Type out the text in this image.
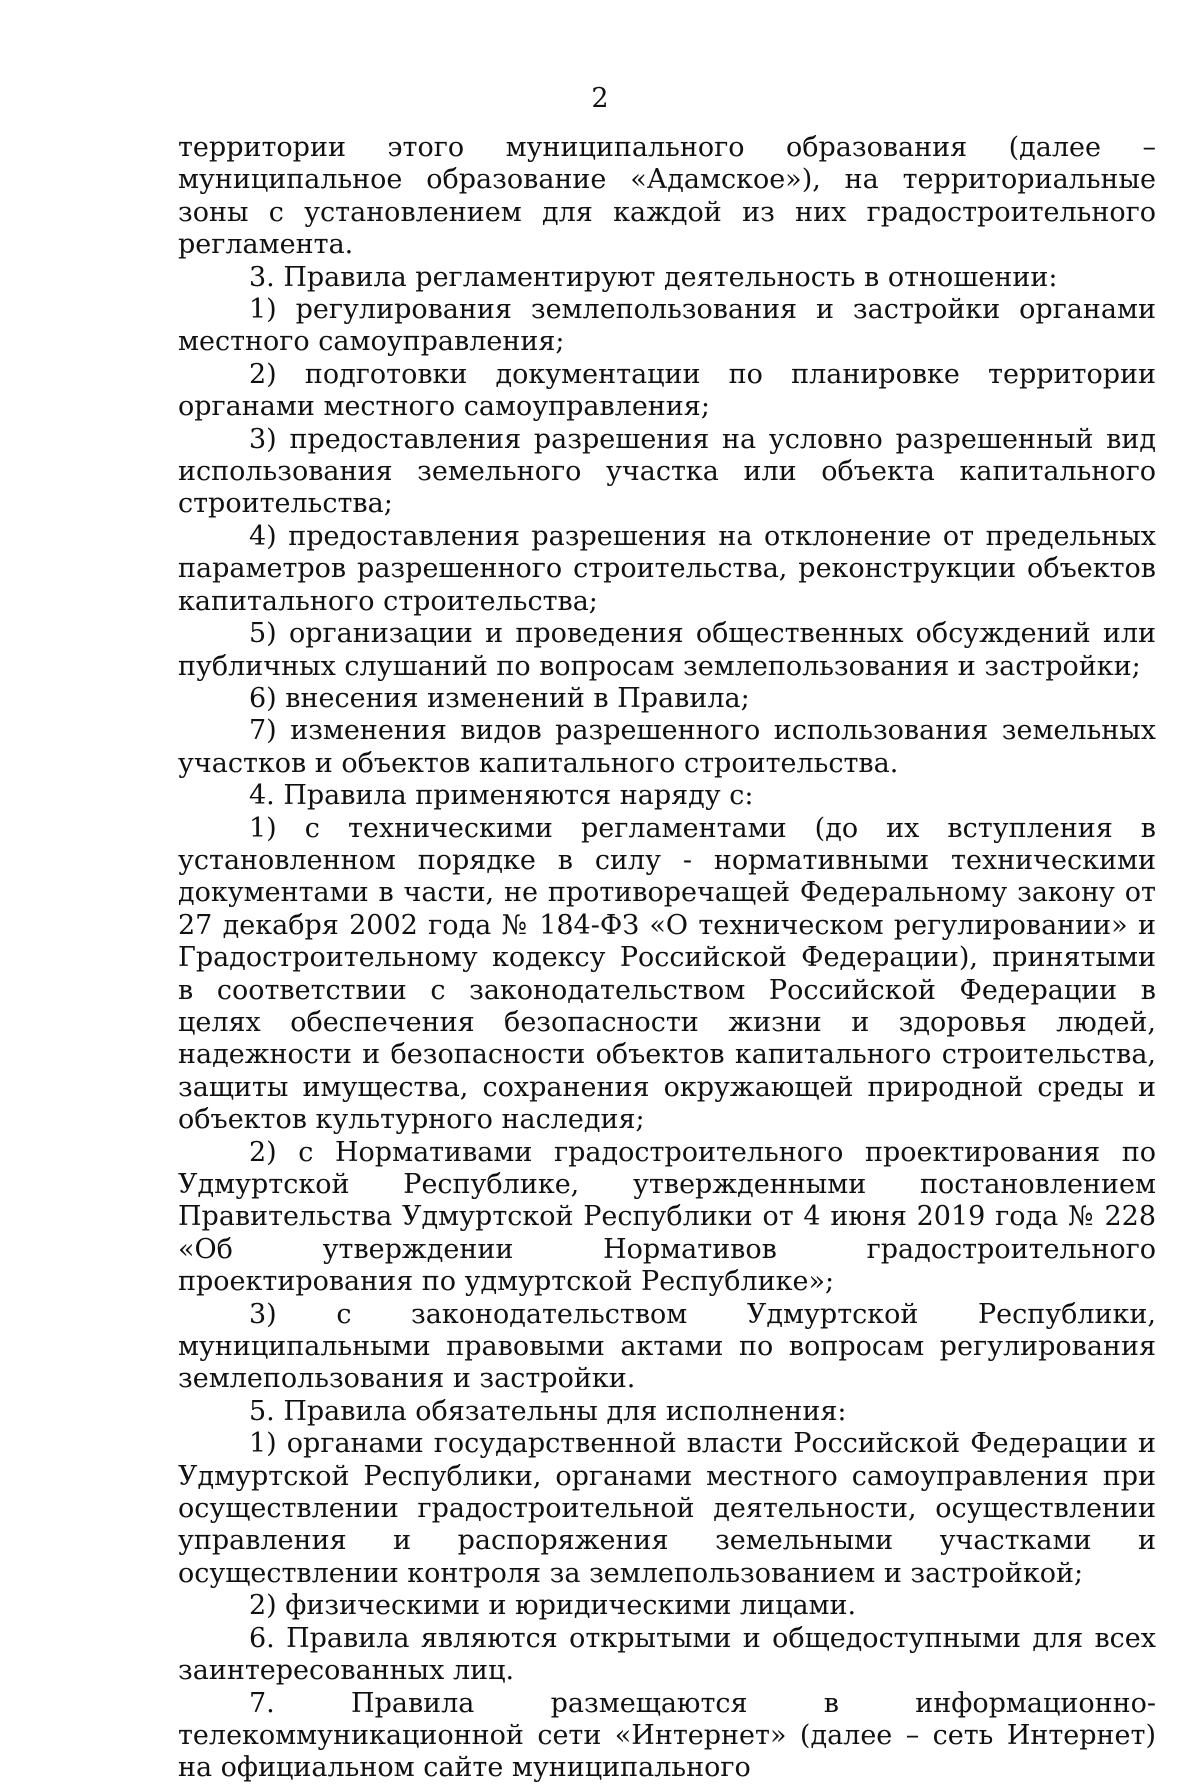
2

территории этого муниципального образования (далее – муниципальное образование «Адамское»), на территориальные зоны с установлением для каждой из них градостроительного регламента.

3. Правила регламентируют деятельность в отношении:

1) регулирования землепользования и застройки органами местного самоуправления;

2) подготовки документации по планировке территории органами местного самоуправления;

3) предоставления разрешения на условно разрешенный вид использования земельного участка или объекта капитального строительства;

4) предоставления разрешения на отклонение от предельных параметров разрешенного строительства, реконструкции объектов капитального строительства;

5) организации и проведения общественных обсуждений или публичных слушаний по вопросам землепользования и застройки;

6) внесения изменений в Правила;

7) изменения видов разрешенного использования земельных участков и объектов капитального строительства.

4. Правила применяются наряду с:

1) с техническими регламентами (до их вступления в установленном порядке в силу - нормативными техническими документами в части, не противоречащей Федеральному закону от 27 декабря 2002 года № 184-ФЗ «О техническом регулировании» и Градостроительному кодексу Российской Федерации), принятыми в соответствии с законодательством Российской Федерации в целях обеспечения безопасности жизни и здоровья людей, надежности и безопасности объектов капитального строительства, защиты имущества, сохранения окружающей природной среды и объектов культурного наследия;

2) с Нормативами градостроительного проектирования по Удмуртской Республике, утвержденными постановлением Правительства Удмуртской Республики от 4 июня 2019 года № 228 «Об утверждении Нормативов градостроительного проектирования по удмуртской Республике»;

3) с законодательством Удмуртской Республики, муниципальными правовыми актами по вопросам регулирования землепользования и застройки.

5. Правила обязательны для исполнения:

1) органами государственной власти Российской Федерации и Удмуртской Республики, органами местного самоуправления при осуществлении градостроительной деятельности, осуществлении управления и распоряжения земельными участками и осуществлении контроля за землепользованием и застройкой;

2) физическими и юридическими лицами.

6. Правила являются открытыми и общедоступными для всех заинтересованных лиц.

7. Правила размещаются в информационно-телекоммуникационной сети «Интернет» (далее – сеть Интернет) на официальном сайте муниципального
